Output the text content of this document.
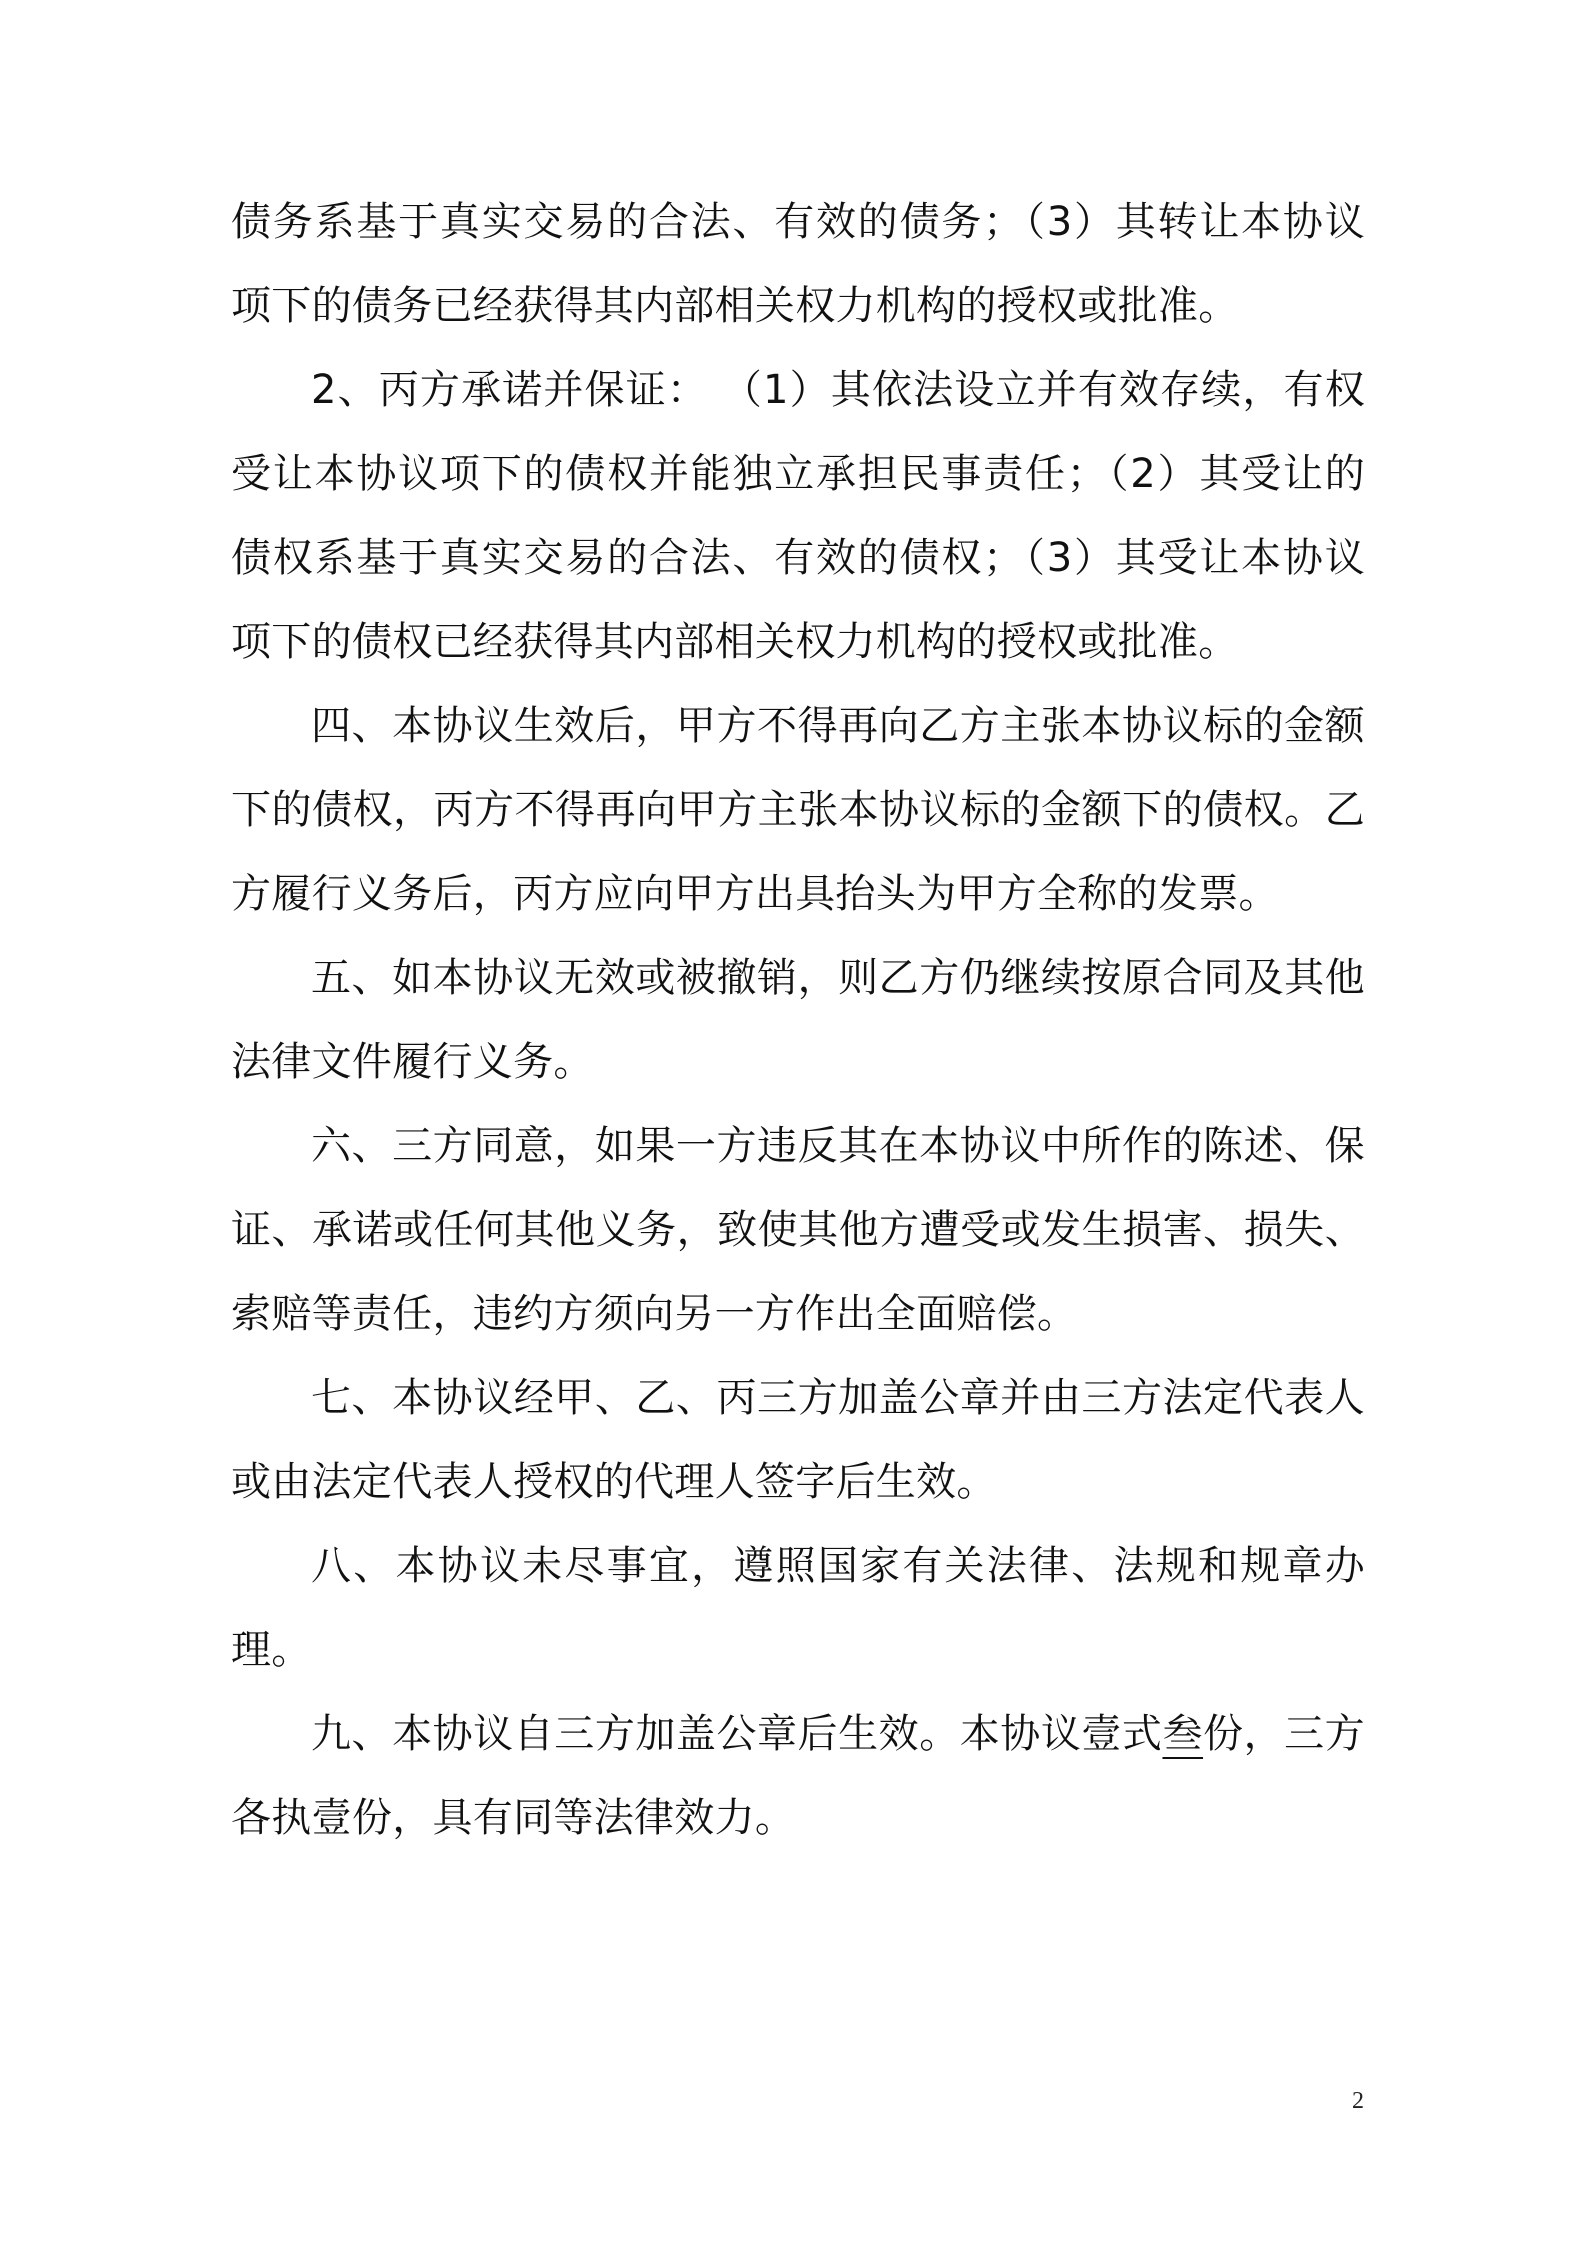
债务系基于真实交易的合法、有效的债务；（3）其转让本协议项下的债务已经获得其内部相关权力机构的授权或批准。

2、丙方承诺并保证： （1）其依法设立并有效存续，有权受让本协议项下的债权并能独立承担民事责任；（2）其受让的债权系基于真实交易的合法、有效的债权；（3）其受让本协议项下的债权已经获得其内部相关权力机构的授权或批准。

四、本协议生效后，甲方不得再向乙方主张本协议标的金额下的债权，丙方不得再向甲方主张本协议标的金额下的债权。乙方履行义务后，丙方应向甲方出具抬头为甲方全称的发票。

五、如本协议无效或被撤销，则乙方仍继续按原合同及其他法律文件履行义务。

六、三方同意，如果一方违反其在本协议中所作的陈述、保证、承诺或任何其他义务，致使其他方遭受或发生损害、损失、索赔等责任，违约方须向另一方作出全面赔偿。

七、本协议经甲、乙、丙三方加盖公章并由三方法定代表人或由法定代表人授权的代理人签字后生效。

八、本协议未尽事宜，遵照国家有关法律、法规和规章办理。

九、本协议自三方加盖公章后生效。本协议壹式叁份，三方各执壹份，具有同等法律效力。

2
